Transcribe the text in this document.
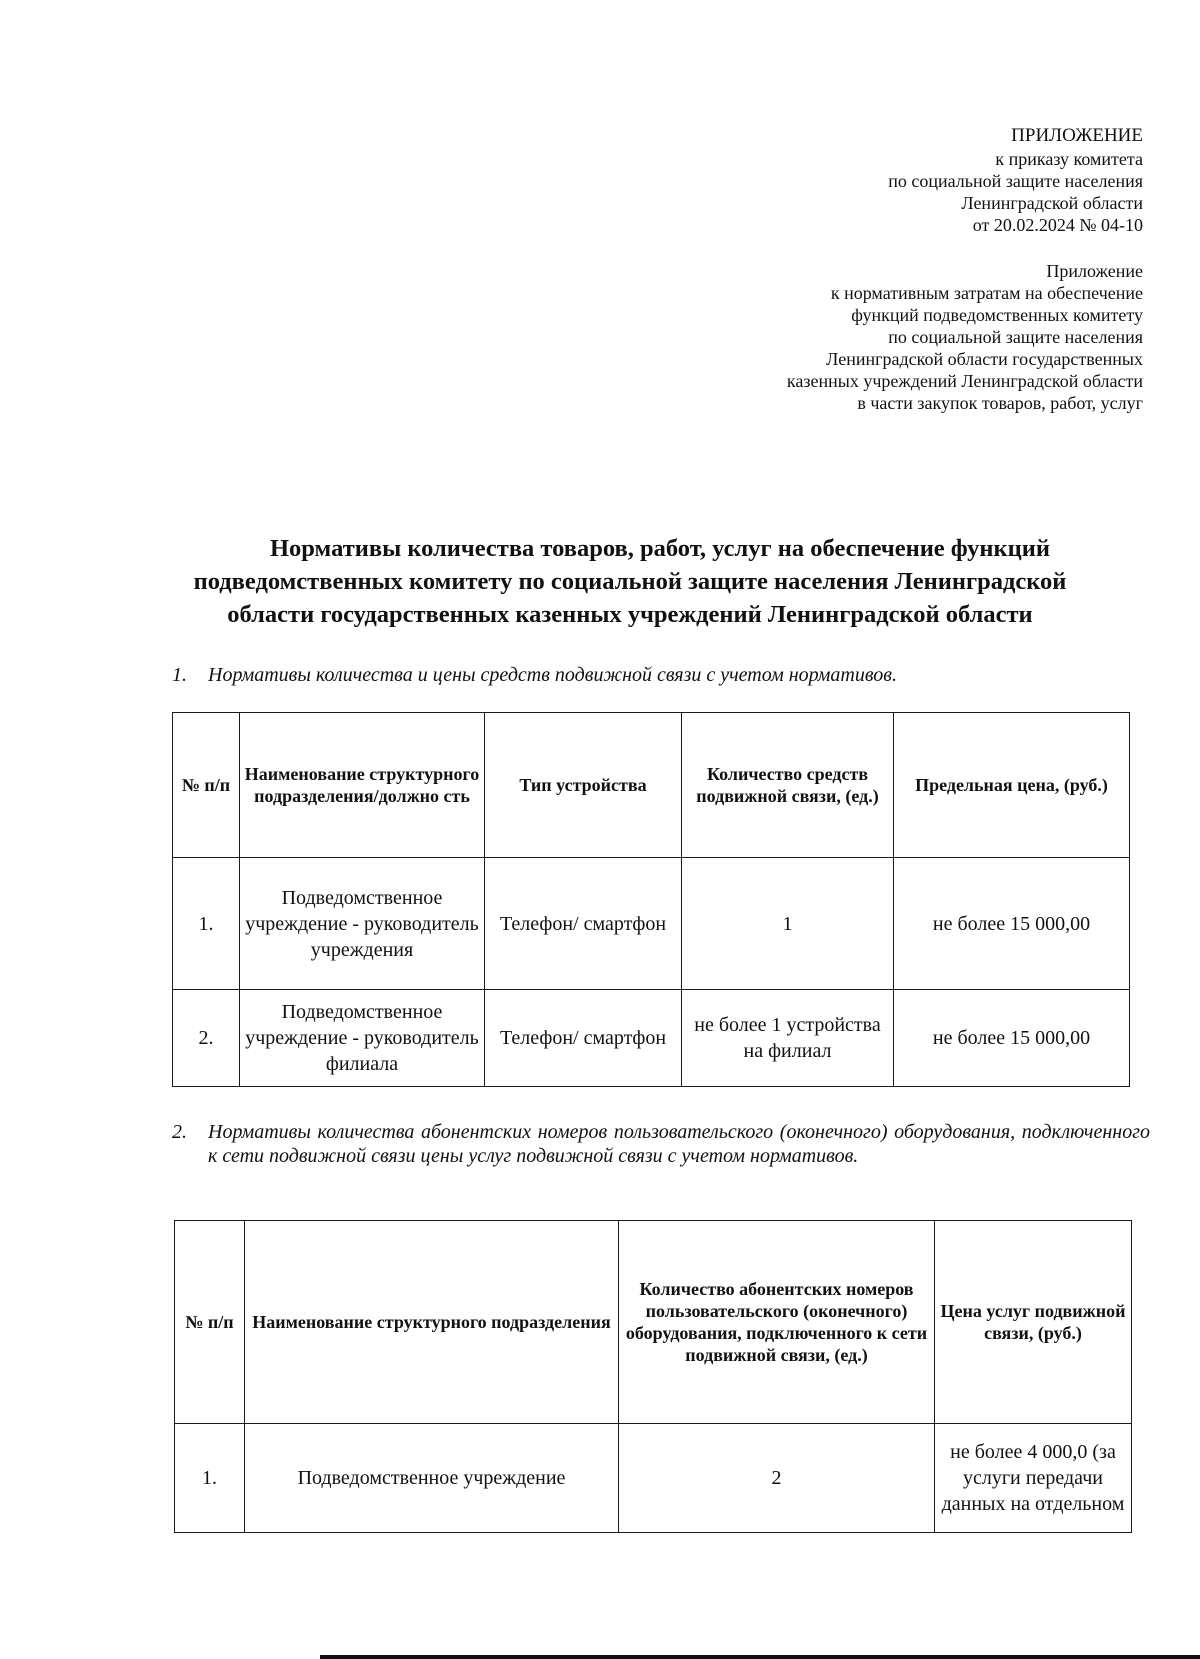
ПРИЛОЖЕНИЕ
к приказу комитета
по социальной защите населения
Ленинградской области
от 20.02.2024 № 04-10
Приложение
к нормативным затратам на обеспечение
функций подведомственных комитету
по социальной защите населения
Ленинградской области государственных
казенных учреждений Ленинградской области
в части закупок товаров, работ, услуг
Нормативы количества товаров, работ, услуг на обеспечение функций
подведомственных комитету по социальной защите населения Ленинградской
области государственных казенных учреждений Ленинградской области
1. Нормативы количества и цены средств подвижной связи с учетом нормативов.
№ п/п	Наименование структурного подразделения/должно сть	Тип устройства	Количество средств подвижной связи, (ед.)	Предельная цена, (руб.)
1.	Подведомственное учреждение - руководитель учреждения	Телефон/ смартфон	1	не более 15 000,00
2.	Подведомственное учреждение - руководитель филиала	Телефон/ смартфон	не более 1 устройства на филиал	не более 15 000,00
2. Нормативы количества абонентских номеров пользовательского (оконечного) оборудования, подключенного к сети подвижной связи цены услуг подвижной связи с учетом нормативов.
№ п/п	Наименование структурного подразделения	Количество абонентских номеров пользовательского (оконечного) оборудования, подключенного к сети подвижной связи, (ед.)	Цена услуг подвижной связи, (руб.)
1.	Подведомственное учреждение	2	не более 4 000,0 (за услуги передачи данных на отдельном
